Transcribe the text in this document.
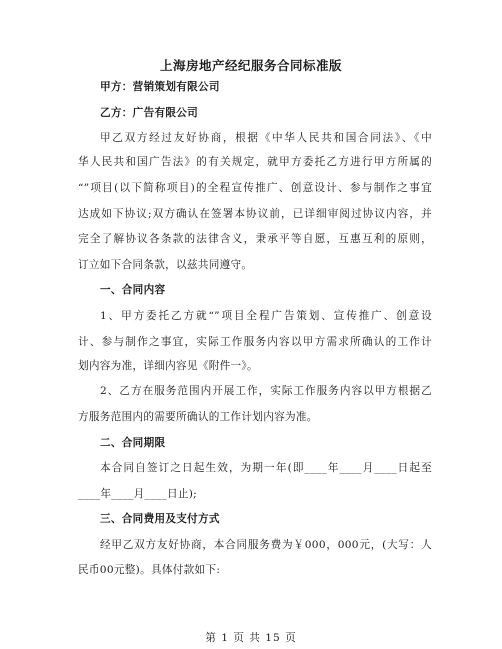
上海房地产经纪服务合同标准版
甲方：营销策划有限公司
乙方：广告有限公司
甲乙双方经过友好协商，根据《中华人民共和国合同法》、《中
华人民共和国广告法》的有关规定，就甲方委托乙方进行甲方所属的
“”项目(以下简称项目)的全程宣传推广、创意设计、参与制作之事宜
达成如下协议;双方确认在签署本协议前，已详细审阅过协议内容，并
完全了解协议各条款的法律含义，秉承平等自愿，互惠互利的原则，
订立如下合同条款，以兹共同遵守。
一、合同内容
1、甲方委托乙方就“”项目全程广告策划、宣传推广、创意设
计、参与制作之事宜，实际工作服务内容以甲方需求所确认的工作计
划内容为准，详细内容见《附件一》。
2、乙方在服务范围内开展工作，实际工作服务内容以甲方根据乙
方服务范围内的需要所确认的工作计划内容为准。
二、合同期限
本合同自签订之日起生效，为期一年(即____年____月____日起至
____年____月____日止);
三、合同费用及支付方式
经甲乙双方友好协商，本合同服务费为￥000，000元，(大写：人
民币00元整)。具体付款如下:
第 1 页 共 15 页
